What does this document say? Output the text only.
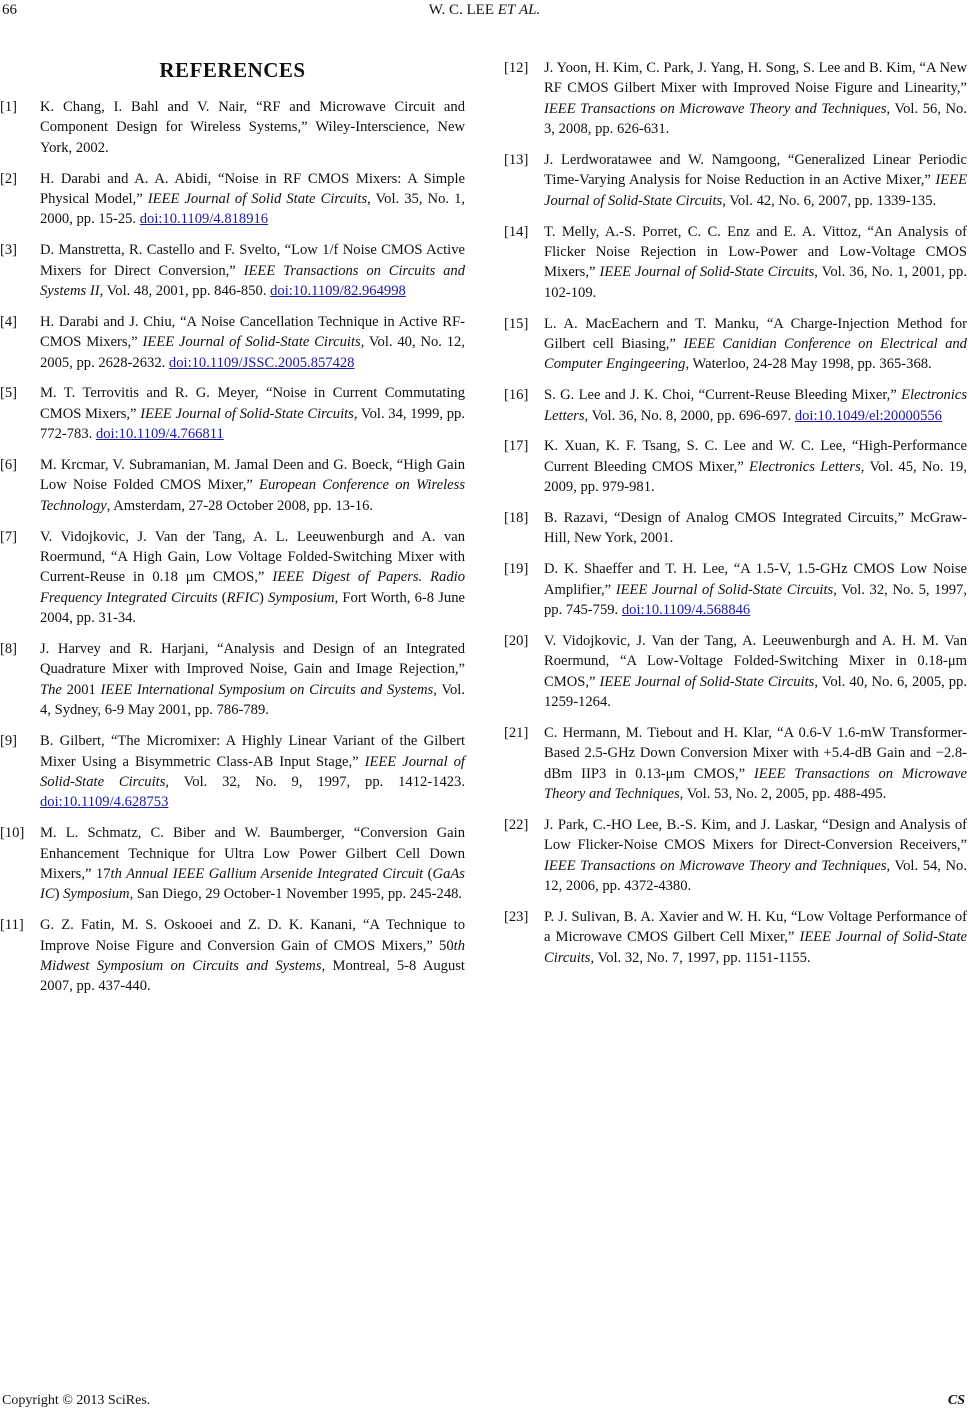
66	W. C. LEE ET AL.
REFERENCES
[1]	K. Chang, I. Bahl and V. Nair, “RF and Microwave Circuit and Component Design for Wireless Systems,” Wiley-Interscience, New York, 2002.
[2]	H. Darabi and A. A. Abidi, “Noise in RF CMOS Mixers: A Simple Physical Model,” IEEE Journal of Solid State Circuits, Vol. 35, No. 1, 2000, pp. 15-25. doi:10.1109/4.818916
[3]	D. Manstretta, R. Castello and F. Svelto, “Low 1/f Noise CMOS Active Mixers for Direct Conversion,” IEEE Transactions on Circuits and Systems II, Vol. 48, 2001, pp. 846-850. doi:10.1109/82.964998
[4]	H. Darabi and J. Chiu, “A Noise Cancellation Technique in Active RF-CMOS Mixers,” IEEE Journal of Solid-State Circuits, Vol. 40, No. 12, 2005, pp. 2628-2632. doi:10.1109/JSSC.2005.857428
[5]	M. T. Terrovitis and R. G. Meyer, “Noise in Current Commutating CMOS Mixers,” IEEE Journal of Solid-State Circuits, Vol. 34, 1999, pp. 772-783. doi:10.1109/4.766811
[6]	M. Krcmar, V. Subramanian, M. Jamal Deen and G. Boeck, “High Gain Low Noise Folded CMOS Mixer,” European Conference on Wireless Technology, Amsterdam, 27-28 October 2008, pp. 13-16.
[7]	V. Vidojkovic, J. Van der Tang, A. L. Leeuwenburgh and A. van Roermund, “A High Gain, Low Voltage Folded-Switching Mixer with Current-Reuse in 0.18 μm CMOS,” IEEE Digest of Papers. Radio Frequency Integrated Circuits (RFIC) Symposium, Fort Worth, 6-8 June 2004, pp. 31-34.
[8]	J. Harvey and R. Harjani, “Analysis and Design of an Integrated Quadrature Mixer with Improved Noise, Gain and Image Rejection,” The 2001 IEEE International Symposium on Circuits and Systems, Vol. 4, Sydney, 6-9 May 2001, pp. 786-789.
[9]	B. Gilbert, “The Micromixer: A Highly Linear Variant of the Gilbert Mixer Using a Bisymmetric Class-AB Input Stage,” IEEE Journal of Solid-State Circuits, Vol. 32, No. 9, 1997, pp. 1412-1423. doi:10.1109/4.628753
[10]	M. L. Schmatz, C. Biber and W. Baumberger, “Conversion Gain Enhancement Technique for Ultra Low Power Gilbert Cell Down Mixers,” 17th Annual IEEE Gallium Arsenide Integrated Circuit (GaAs IC) Symposium, San Diego, 29 October-1 November 1995, pp. 245-248.
[11]	G. Z. Fatin, M. S. Oskooei and Z. D. K. Kanani, “A Technique to Improve Noise Figure and Conversion Gain of CMOS Mixers,” 50th Midwest Symposium on Circuits and Systems, Montreal, 5-8 August 2007, pp. 437-440.
[12]	J. Yoon, H. Kim, C. Park, J. Yang, H. Song, S. Lee and B. Kim, “A New RF CMOS Gilbert Mixer with Improved Noise Figure and Linearity,” IEEE Transactions on Microwave Theory and Techniques, Vol. 56, No. 3, 2008, pp. 626-631.
[13]	J. Lerdworatawee and W. Namgoong, “Generalized Linear Periodic Time-Varying Analysis for Noise Reduction in an Active Mixer,” IEEE Journal of Solid-State Circuits, Vol. 42, No. 6, 2007, pp. 1339-135.
[14]	T. Melly, A.-S. Porret, C. C. Enz and E. A. Vittoz, “An Analysis of Flicker Noise Rejection in Low-Power and Low-Voltage CMOS Mixers,” IEEE Journal of Solid-State Circuits, Vol. 36, No. 1, 2001, pp. 102-109.
[15]	L. A. MacEachern and T. Manku, “A Charge-Injection Method for Gilbert cell Biasing,” IEEE Canidian Conference on Electrical and Computer Engingeering, Waterloo, 24-28 May 1998, pp. 365-368.
[16]	S. G. Lee and J. K. Choi, “Current-Reuse Bleeding Mixer,” Electronics Letters, Vol. 36, No. 8, 2000, pp. 696-697. doi:10.1049/el:20000556
[17]	K. Xuan, K. F. Tsang, S. C. Lee and W. C. Lee, “High-Performance Current Bleeding CMOS Mixer,” Electronics Letters, Vol. 45, No. 19, 2009, pp. 979-981.
[18]	B. Razavi, “Design of Analog CMOS Integrated Circuits,” McGraw-Hill, New York, 2001.
[19]	D. K. Shaeffer and T. H. Lee, “A 1.5-V, 1.5-GHz CMOS Low Noise Amplifier,” IEEE Journal of Solid-State Circuits, Vol. 32, No. 5, 1997, pp. 745-759. doi:10.1109/4.568846
[20]	V. Vidojkovic, J. Van der Tang, A. Leeuwenburgh and A. H. M. Van Roermund, “A Low-Voltage Folded-Switching Mixer in 0.18-μm CMOS,” IEEE Journal of Solid-State Circuits, Vol. 40, No. 6, 2005, pp. 1259-1264.
[21]	C. Hermann, M. Tiebout and H. Klar, “A 0.6-V 1.6-mW Transformer-Based 2.5-GHz Down Conversion Mixer with +5.4-dB Gain and −2.8-dBm IIP3 in 0.13-μm CMOS,” IEEE Transactions on Microwave Theory and Techniques, Vol. 53, No. 2, 2005, pp. 488-495.
[22]	J. Park, C.-HO Lee, B.-S. Kim, and J. Laskar, “Design and Analysis of Low Flicker-Noise CMOS Mixers for Direct-Conversion Receivers,” IEEE Transactions on Microwave Theory and Techniques, Vol. 54, No. 12, 2006, pp. 4372-4380.
[23]	P. J. Sulivan, B. A. Xavier and W. H. Ku, “Low Voltage Performance of a Microwave CMOS Gilbert Cell Mixer,” IEEE Journal of Solid-State Circuits, Vol. 32, No. 7, 1997, pp. 1151-1155.
Copyright © 2013 SciRes.	CS
